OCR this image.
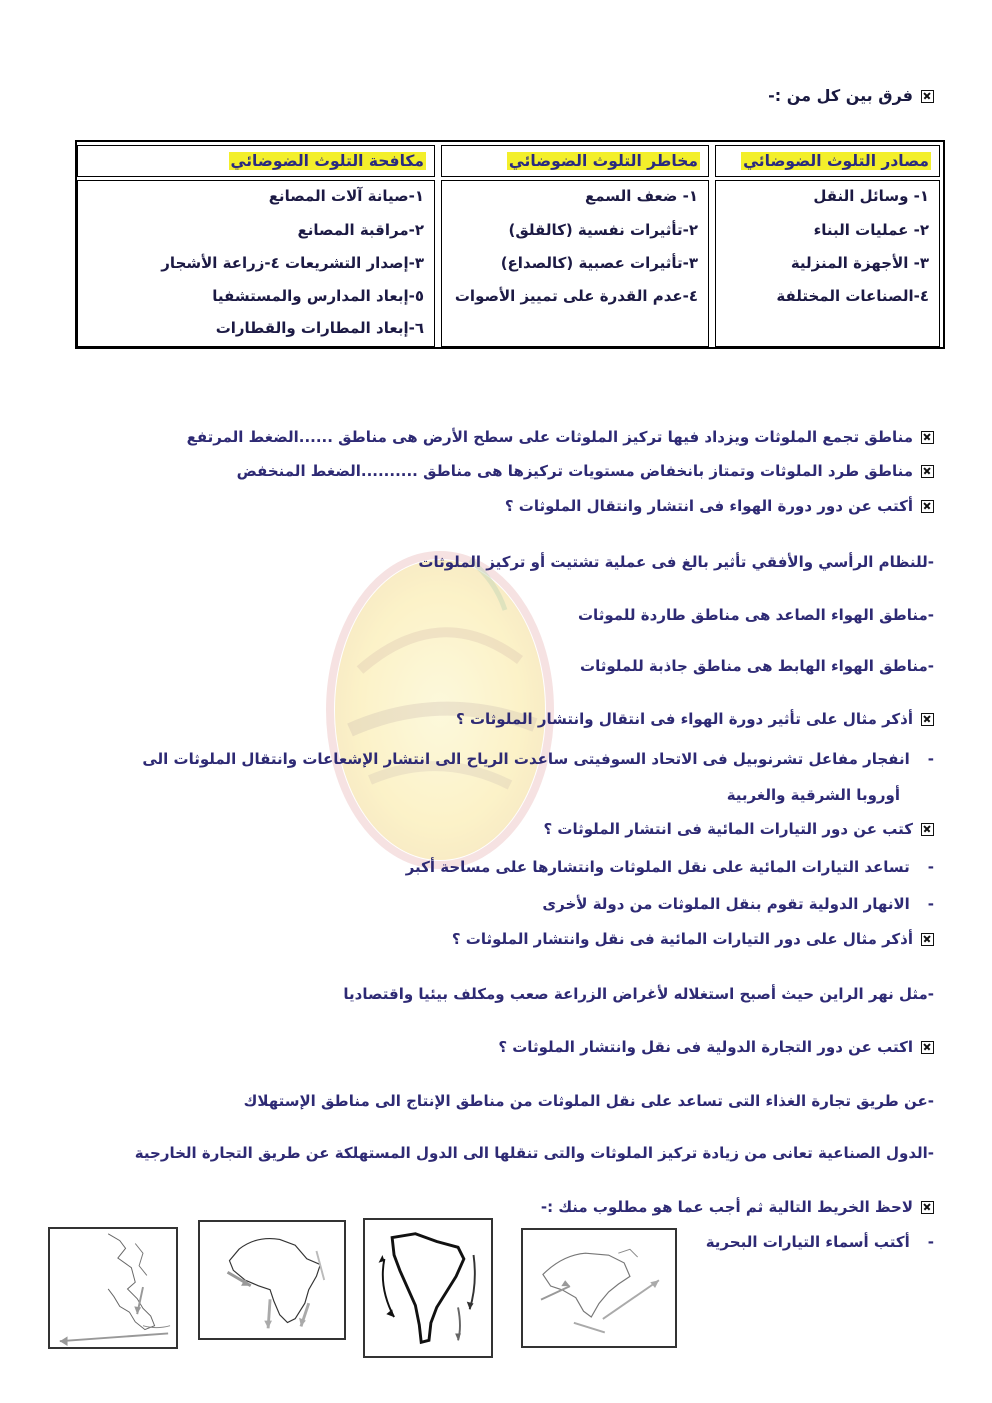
فرق بين كل من :-
مصادر التلوث الضوضائي
مخاطر التلوث الضوضائي
مكافحة التلوث الضوضائي
١- وسائل النقل
٢- عمليات البناء
٣- الأجهزة المنزلية
٤-الصناعات المختلفة
١- ضعف السمع
٢-تأثيرات نفسية (كالقلق)
٣-تأثيرات عصبية (كالصداع)
٤-عدم القدرة على تمييز الأصوات
١-صيانة آلات المصانع
٢-مراقبة المصانع
٣-إصدار التشريعات ٤-زراعة الأشجار
٥-إبعاد المدارس والمستشفيا
٦-إبعاد المطارات والقطارات
مناطق تجمع الملوثات ويزداد فيها تركيز الملوثات على سطح الأرض هى مناطق ......الضغط المرتفع
مناطق طرد الملوثات وتمتاز بانخفاض مستويات تركيزها هى مناطق ..........الضغط المنخفض
أكتب عن دور دورة الهواء فى انتشار وانتقال الملوثات ؟
-للنظام الرأسي والأفقي تأثير بالغ فى عملية تشتيت أو تركيز الملوثات
-مناطق الهواء الصاعد هى مناطق طاردة للموثات
-مناطق الهواء الهابط هى مناطق جاذبة للملوثات
أذكر مثال على تأثير دورة الهواء فى انتقال وانتشار الملوثات ؟
-انفجار مفاعل تشرنوبيل فى الاتحاد السوفيتى ساعدت الرياح الى انتشار الإشعاعات وانتقال الملوثات الى
أوروبا الشرقية والغربية
كتب عن دور التيارات المائية فى انتشار الملوثات ؟
-تساعد التيارات المائية على نقل الملوثات وانتشارها على مساحة أكبر
-الانهار الدولية تقوم بنقل الملوثات من دولة لأخرى
أذكر مثال على دور التيارات المائية فى نقل وانتشار الملوثات ؟
-مثل نهر الراين حيث أصبح استغلاله لأغراض الزراعة صعب ومكلف بيئيا واقتصاديا
اكتب عن دور التجارة الدولية فى نقل وانتشار الملوثات ؟
-عن طريق تجارة الغذاء التى تساعد على نقل الملوثات من مناطق الإنتاج الى مناطق الإستهلاك
-الدول الصناعية تعانى من زيادة تركيز الملوثات والتى تنقلها الى الدول المستهلكة عن طريق التجارة الخارجية
لاحظ الخريط التالية ثم أجب عما هو مطلوب منك :-
-أكتب أسماء التيارات البحرية
